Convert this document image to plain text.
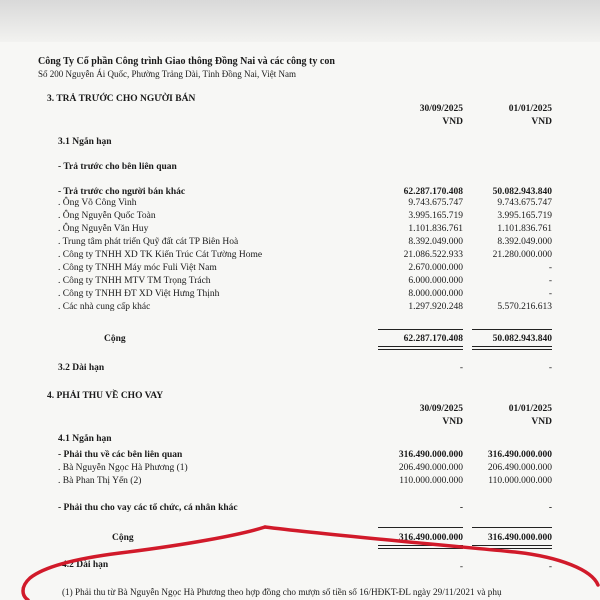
Công Ty Cổ phần Công trình Giao thông Đồng Nai và các công ty con
Số 200 Nguyễn Ái Quốc, Phường Trảng Dài, Tỉnh Đồng Nai, Việt Nam
3. TRẢ TRƯỚC CHO NGƯỜI BÁN
30/09/2025	01/01/2025
VND	VND
3.1 Ngắn hạn
- Trả trước cho bên liên quan
- Trả trước cho người bán khác	62.287.170.408	50.082.943.840
. Ông Võ Công Vinh	9.743.675.747	9.743.675.747
. Ông Nguyễn Quốc Toàn	3.995.165.719	3.995.165.719
. Ông Nguyễn Văn Huy	1.101.836.761	1.101.836.761
. Trung tâm phát triển Quỹ đất cát TP Biên Hoà	8.392.049.000	8.392.049.000
. Công ty TNHH XD TK Kiến Trúc Cát Tường Home	21.086.522.933	21.280.000.000
. Công ty TNHH Máy móc Fuli Việt Nam	2.670.000.000	-
. Công ty TNHH MTV TM Trọng Trách	6.000.000.000	-
. Công ty TNHH ĐT XD Việt Hưng Thịnh	8.000.000.000	-
. Các nhà cung cấp khác	1.297.920.248	5.570.216.613
Cộng	62.287.170.408	50.082.943.840
3.2 Dài hạn	-	-
4. PHẢI THU VỀ CHO VAY
30/09/2025	01/01/2025
VND	VND
4.1 Ngắn hạn
- Phải thu về các bên liên quan	316.490.000.000	316.490.000.000
. Bà Nguyễn Ngọc Hà Phương (1)	206.490.000.000	206.490.000.000
. Bà Phan Thị Yến (2)	110.000.000.000	110.000.000.000
- Phải thu cho vay các tổ chức, cá nhân khác	-	-
Cộng	316.490.000.000	316.490.000.000
4.2 Dài hạn	-	-
(1) Phải thu từ Bà Nguyễn Ngọc Hà Phương theo hợp đồng cho mượn số tiền số 16/HĐKT-ĐL ngày 29/11/2021 và phụ
